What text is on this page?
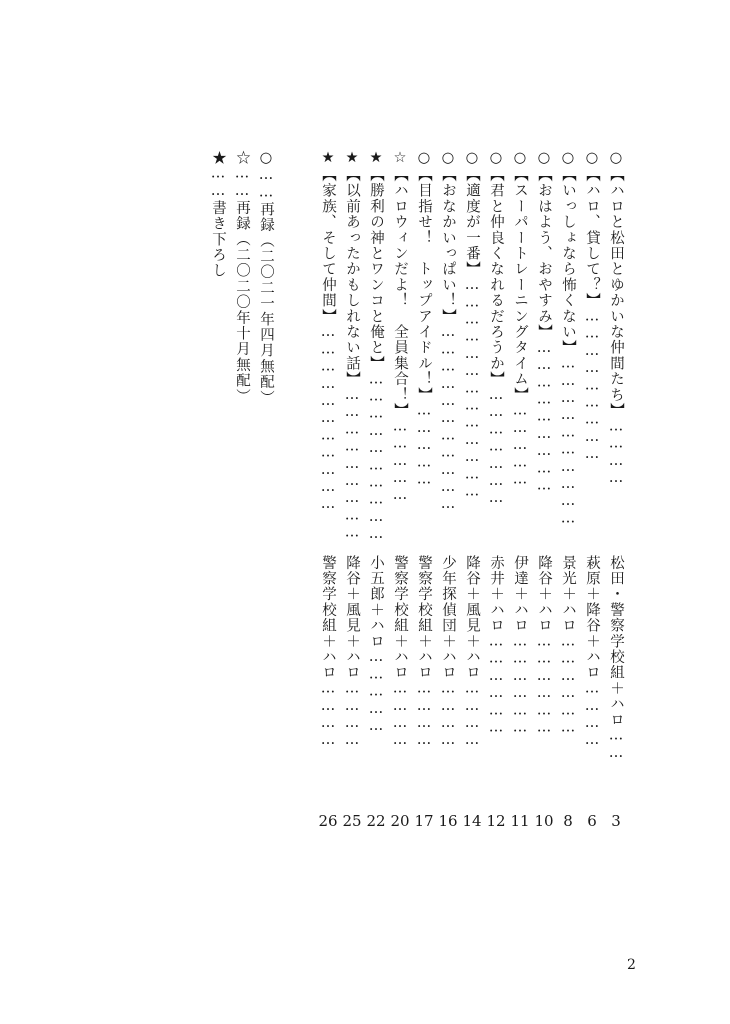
○【ハロと松田とゆかいな仲間たち】…………
松田・警察学校組＋ハロ……
3
○【ハロ、貸して？】………………………
萩原＋降谷＋ハロ…………
6
○【いっしょなら怖くない】…………………………
景光＋ハロ………………
8
○【おはよう、おやすみ】………………………
降谷＋ハロ………………
10
○【スーパートレーニングタイム】……………
伊達＋ハロ………………
11
○【君と仲良くなれるだろうか】…………………
赤井＋ハロ………………
12
○【適度が一番】…………………………………
降谷＋風見＋ハロ…………
14
○【おなかいっぱい！】……………………………
少年探偵団＋ハロ…………
16
○【目指せ！　トップアイドル！】……………
警察学校組＋ハロ…………
17
☆【ハロウィンだよ！　全員集合！】……………
警察学校組＋ハロ…………
20
★【勝利の神とワンコと俺と】…………………………
小五郎＋ハロ……………
22
★【以前あったかもしれない話】………………………
降谷＋風見＋ハロ…………
25
★【家族、そして仲間】……………………………
警察学校組＋ハロ…………
26
○……再録（二〇二一年四月無配）
☆……再録（二〇二〇年十月無配）
★……書き下ろし
2
